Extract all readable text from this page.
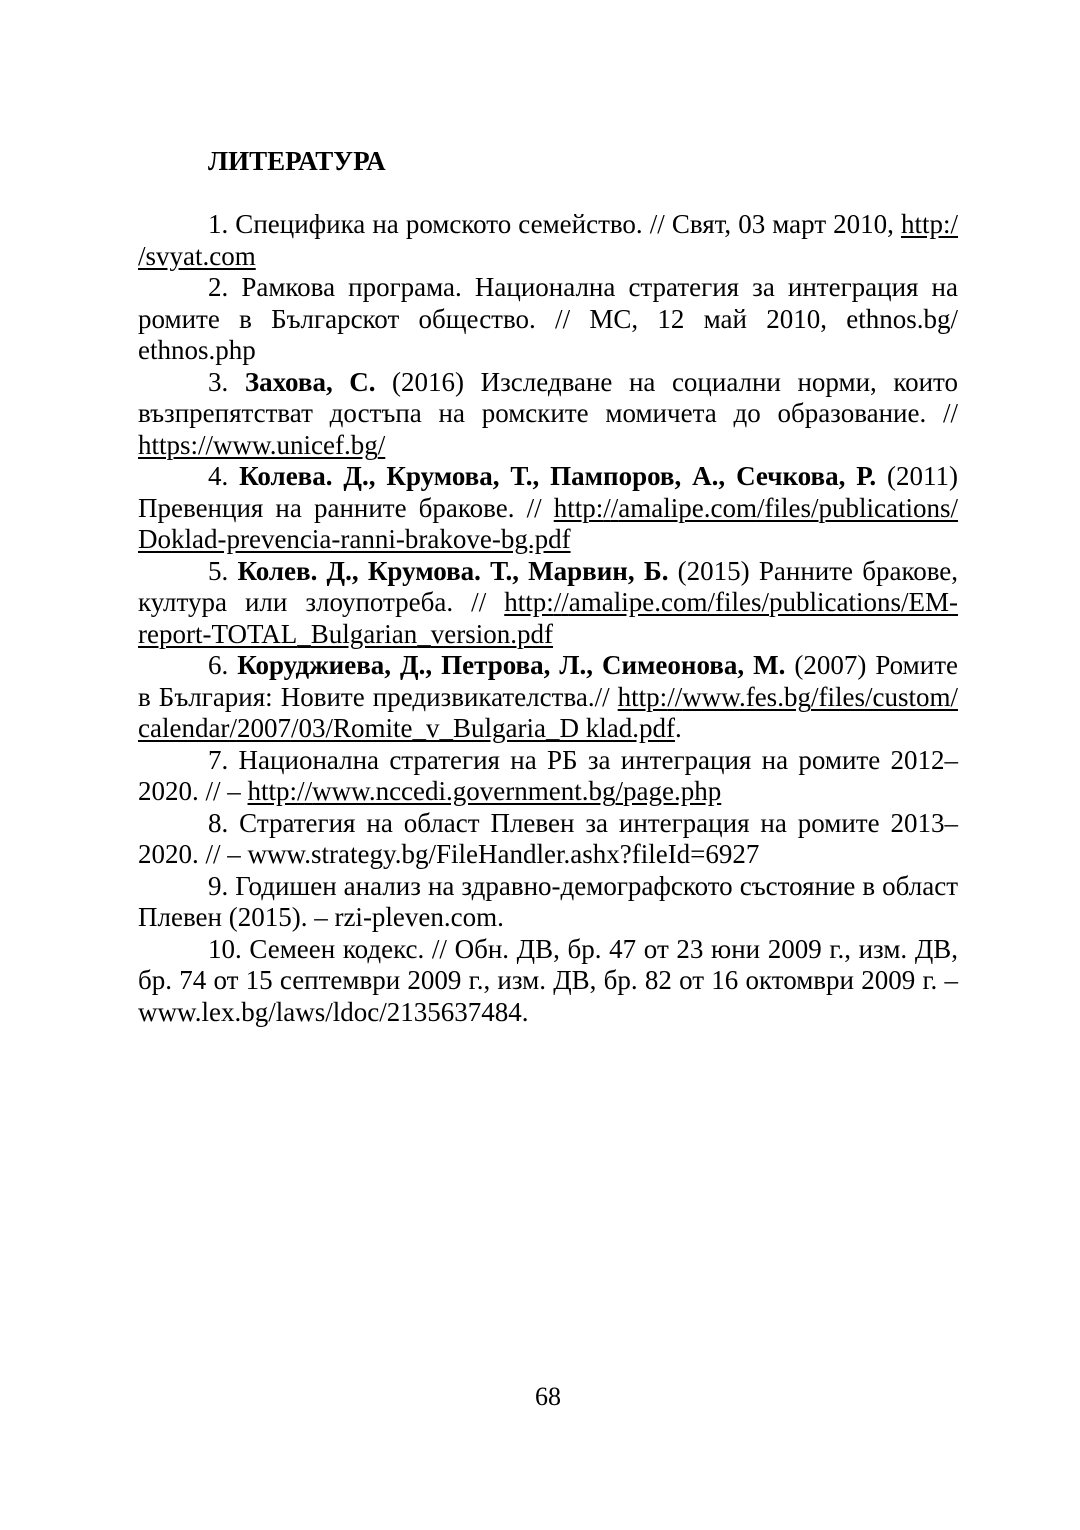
ЛИТЕРАТУРА

1. Специфика на ромското семейство. // Свят, 03 март 2010, http://svyat.com

2. Рамкова програма. Национална стратегия за интеграция на ромите в Българскот общество. // МС, 12 май 2010, ethnos.bg/ethnos.php

3. Захова, С. (2016) Изследване на социални норми, които възпрепятстват достъпа на ромските момичета до образование. // https://www.unicef.bg/

4. Колева. Д., Крумова, Т., Пампоров, А., Сечкова, Р. (2011) Превенция на ранните бракове. // http://amalipe.com/files/publications/Doklad-prevencia-ranni-brakove-bg.pdf

5. Колев. Д., Крумова. Т., Марвин, Б. (2015) Ранните бракове, култура или злоупотреба. // http://amalipe.com/files/publications/EM-report-TOTAL_Bulgarian_version.pdf

6. Коруджиева, Д., Петрова, Л., Симеонова, М. (2007) Ромите в България: Новите предизвикателства.// http://www.fes.bg/files/custom/calendar/2007/03/Romite_v_Bulgaria_D klad.pdf.

7. Национална стратегия на РБ за интеграция на ромите 2012–2020. // – http://www.nccedi.government.bg/page.php

8. Стратегия на област Плевен за интеграция на ромите 2013–2020. // – www.strategy.bg/FileHandler.ashx?fileId=6927

9. Годишен анализ на здравно-демографското състояние в област Плевен (2015). – rzi-pleven.com.

10. Семеен кодекс. // Обн. ДВ, бр. 47 от 23 юни 2009 г., изм. ДВ, бр. 74 от 15 септември 2009 г., изм. ДВ, бр. 82 от 16 октомври 2009 г. – www.lex.bg/laws/ldoc/2135637484.

68
